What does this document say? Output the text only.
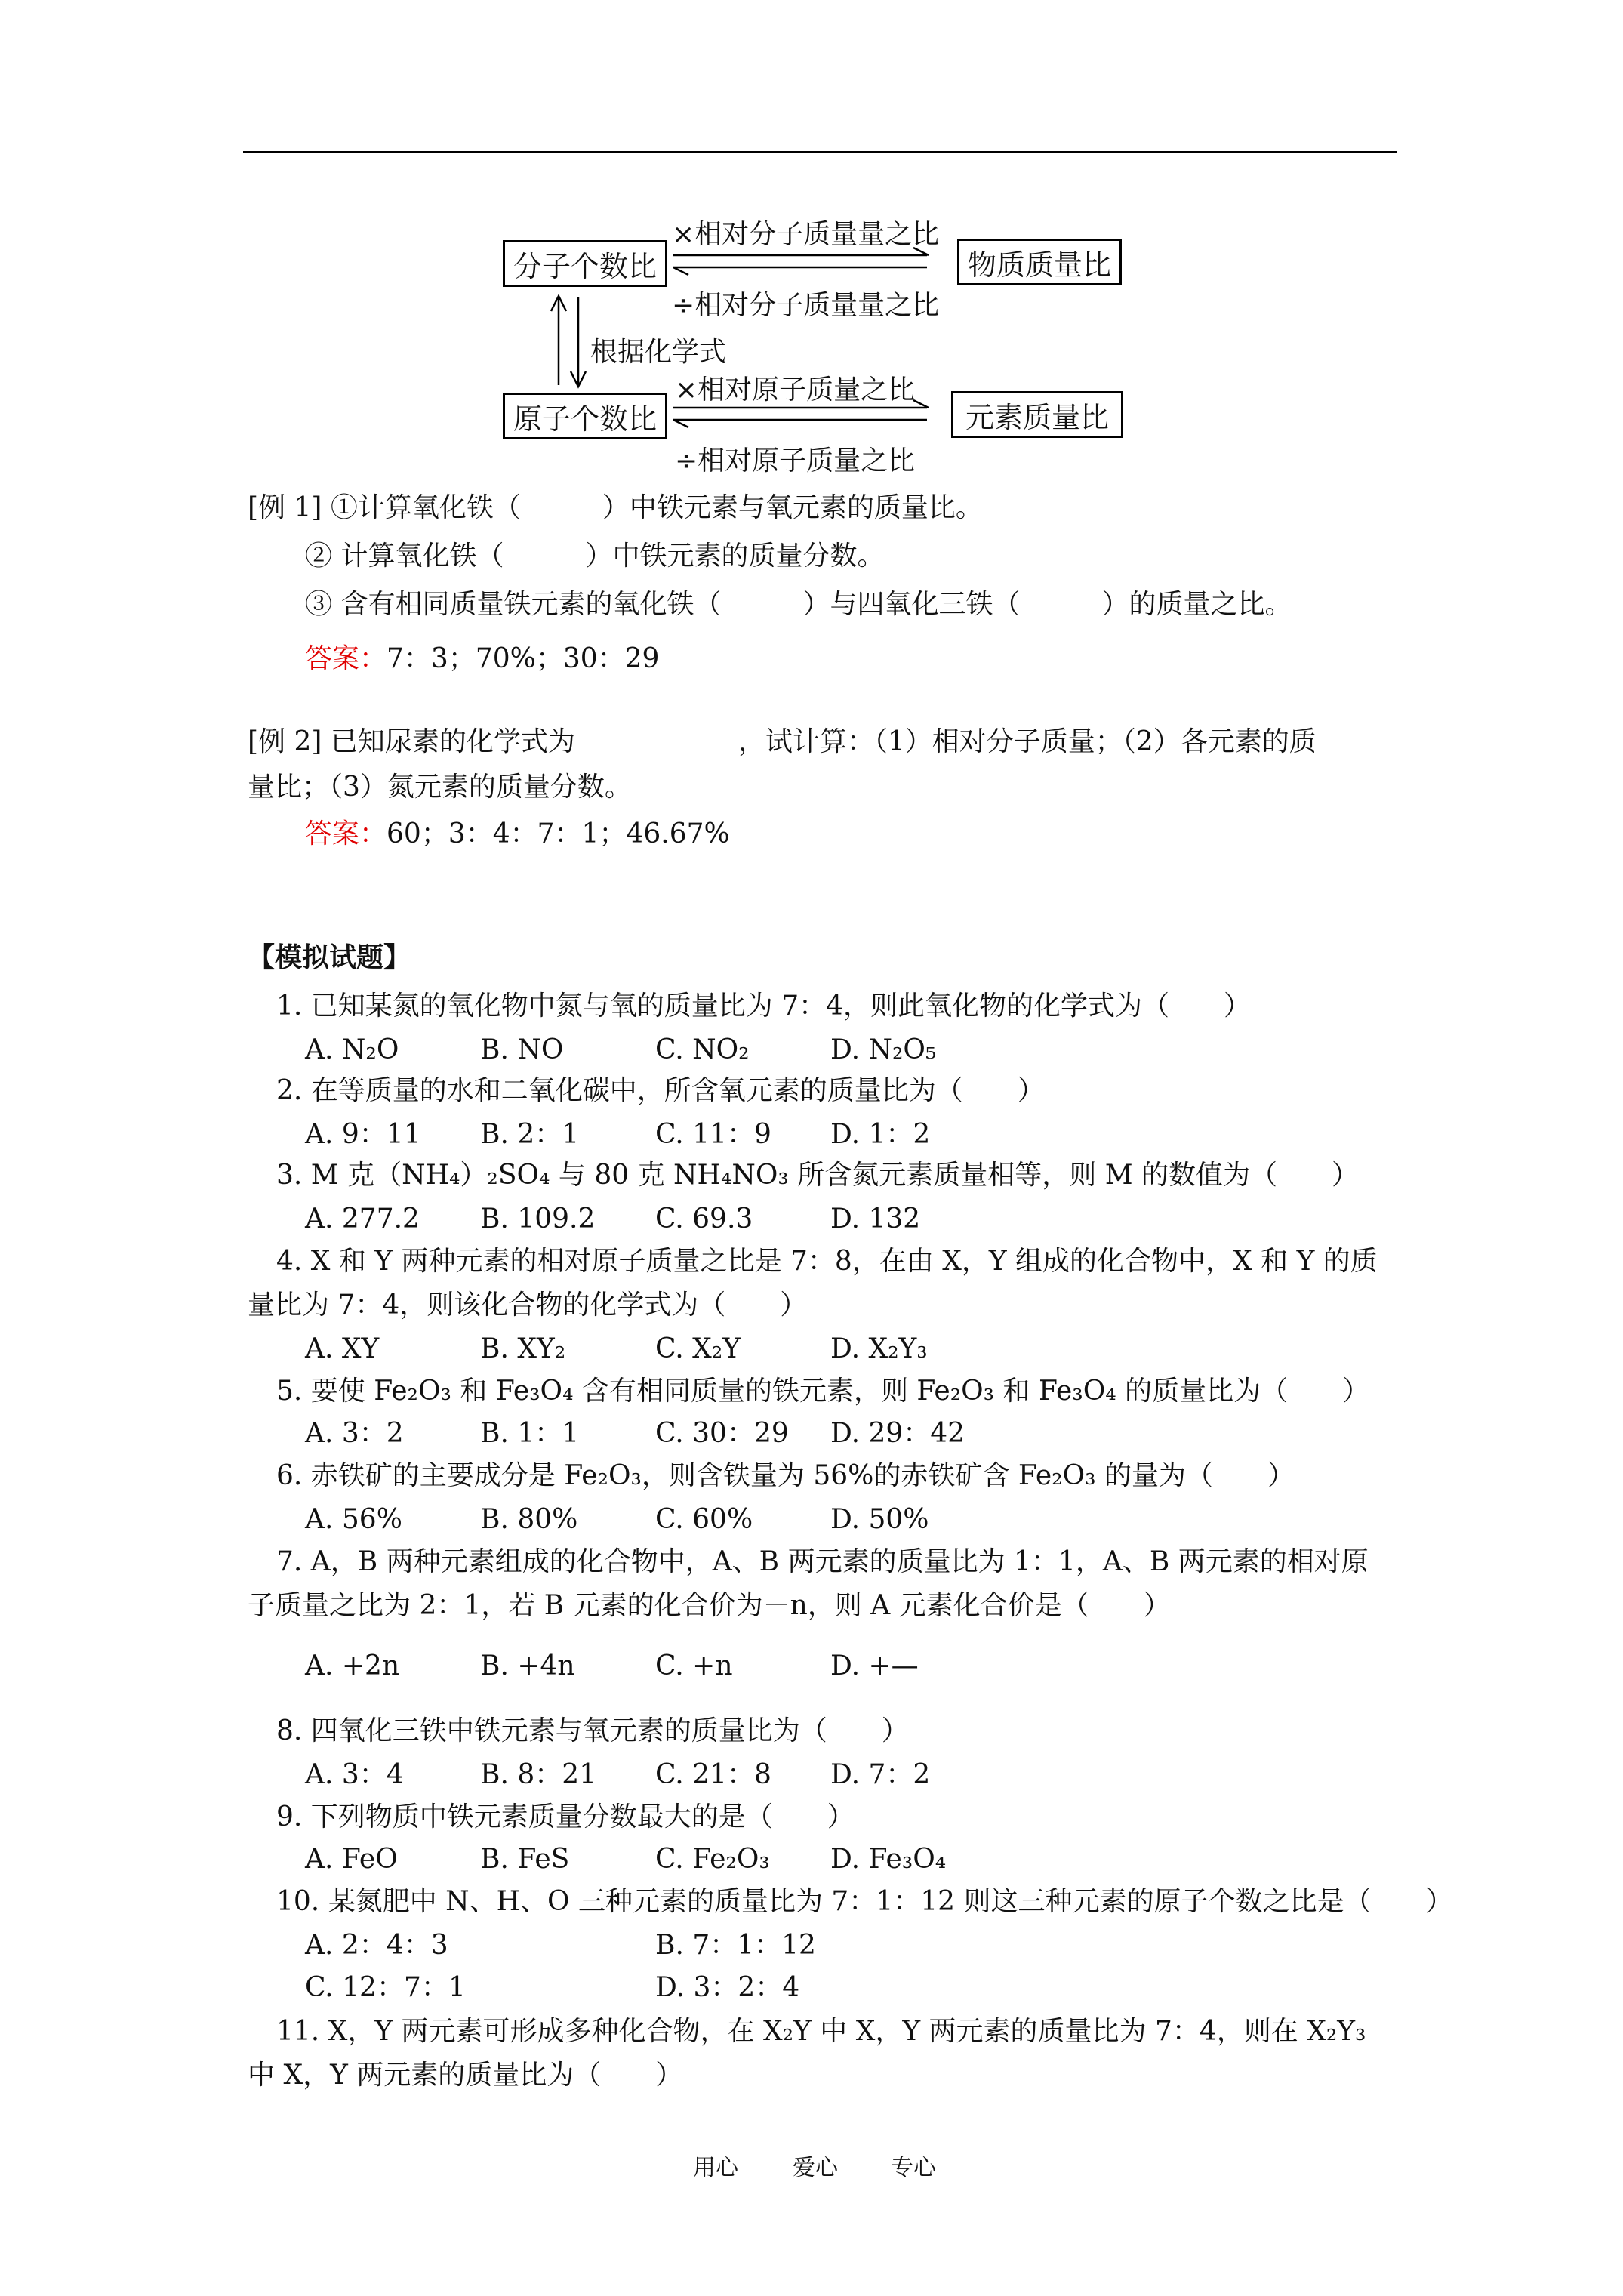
分子个数比	物质质量比
原子个数比	元素质量比
×相对分子质量量之比
÷相对分子质量量之比
根据化学式
×相对原子质量之比
÷相对原子质量之比
[例 1] ①计算氧化铁（　　　）中铁元素与氧元素的质量比。
② 计算氧化铁（　　　）中铁元素的质量分数。
③ 含有相同质量铁元素的氧化铁（　　　）与四氧化三铁（　　　）的质量之比。
答案：7：3；70%；30：29
[例 2] 已知尿素的化学式为　　　　　　，试计算：（1）相对分子质量；（2）各元素的质
量比；（3）氮元素的质量分数。
答案：60；3：4：7：1；46.67%
【模拟试题】
1. 已知某氮的氧化物中氮与氧的质量比为 7：4，则此氧化物的化学式为（　　）
A. N₂O	B. NO	C. NO₂	D. N₂O₅
2. 在等质量的水和二氧化碳中，所含氧元素的质量比为（　　）
A. 9：11 B. 2：1	C. 11：9 D. 1：2
3. M 克（NH₄）₂SO₄ 与 80 克 NH₄NO₃ 所含氮元素质量相等，则 M 的数值为（　　）
A. 277.2 B. 109.2 C. 69.3	D. 132
4. X 和 Y 两种元素的相对原子质量之比是 7：8，在由 X，Y 组成的化合物中，X 和 Y 的质
量比为 7：4，则该化合物的化学式为（　　）
A. XY	B. XY₂	C. X₂Y	D. X₂Y₃
5. 要使 Fe₂O₃ 和 Fe₃O₄ 含有相同质量的铁元素，则 Fe₂O₃ 和 Fe₃O₄ 的质量比为（　　）
A. 3：2	B. 1：1	C. 30：29 D. 29：42
6. 赤铁矿的主要成分是 Fe₂O₃，则含铁量为 56%的赤铁矿含 Fe₂O₃ 的量为（　　）
A. 56%	B. 80%	C. 60%	D. 50%
7. A，B 两种元素组成的化合物中，A、B 两元素的质量比为 1：1，A、B 两元素的相对原
子质量之比为 2：1，若 B 元素的化合价为－n，则 A 元素化合价是（　　）
A. +2n	B. +4n	C. +n	D. +—
8. 四氧化三铁中铁元素与氧元素的质量比为（　　）
A. 3：4	B. 8：21 C. 21：8 D. 7：2
9. 下列物质中铁元素质量分数最大的是（　　）
A. FeO	B. FeS	C. Fe₂O₃ D. Fe₃O₄
10. 某氮肥中 N、H、O 三种元素的质量比为 7：1：12 则这三种元素的原子个数之比是（　　）
A. 2：4：3	B. 7：1：12
C. 12：7：1	D. 3：2：4
11. X，Y 两元素可形成多种化合物，在 X₂Y 中 X，Y 两元素的质量比为 7：4，则在 X₂Y₃
中 X，Y 两元素的质量比为（　　）
用心 爱心 专心
